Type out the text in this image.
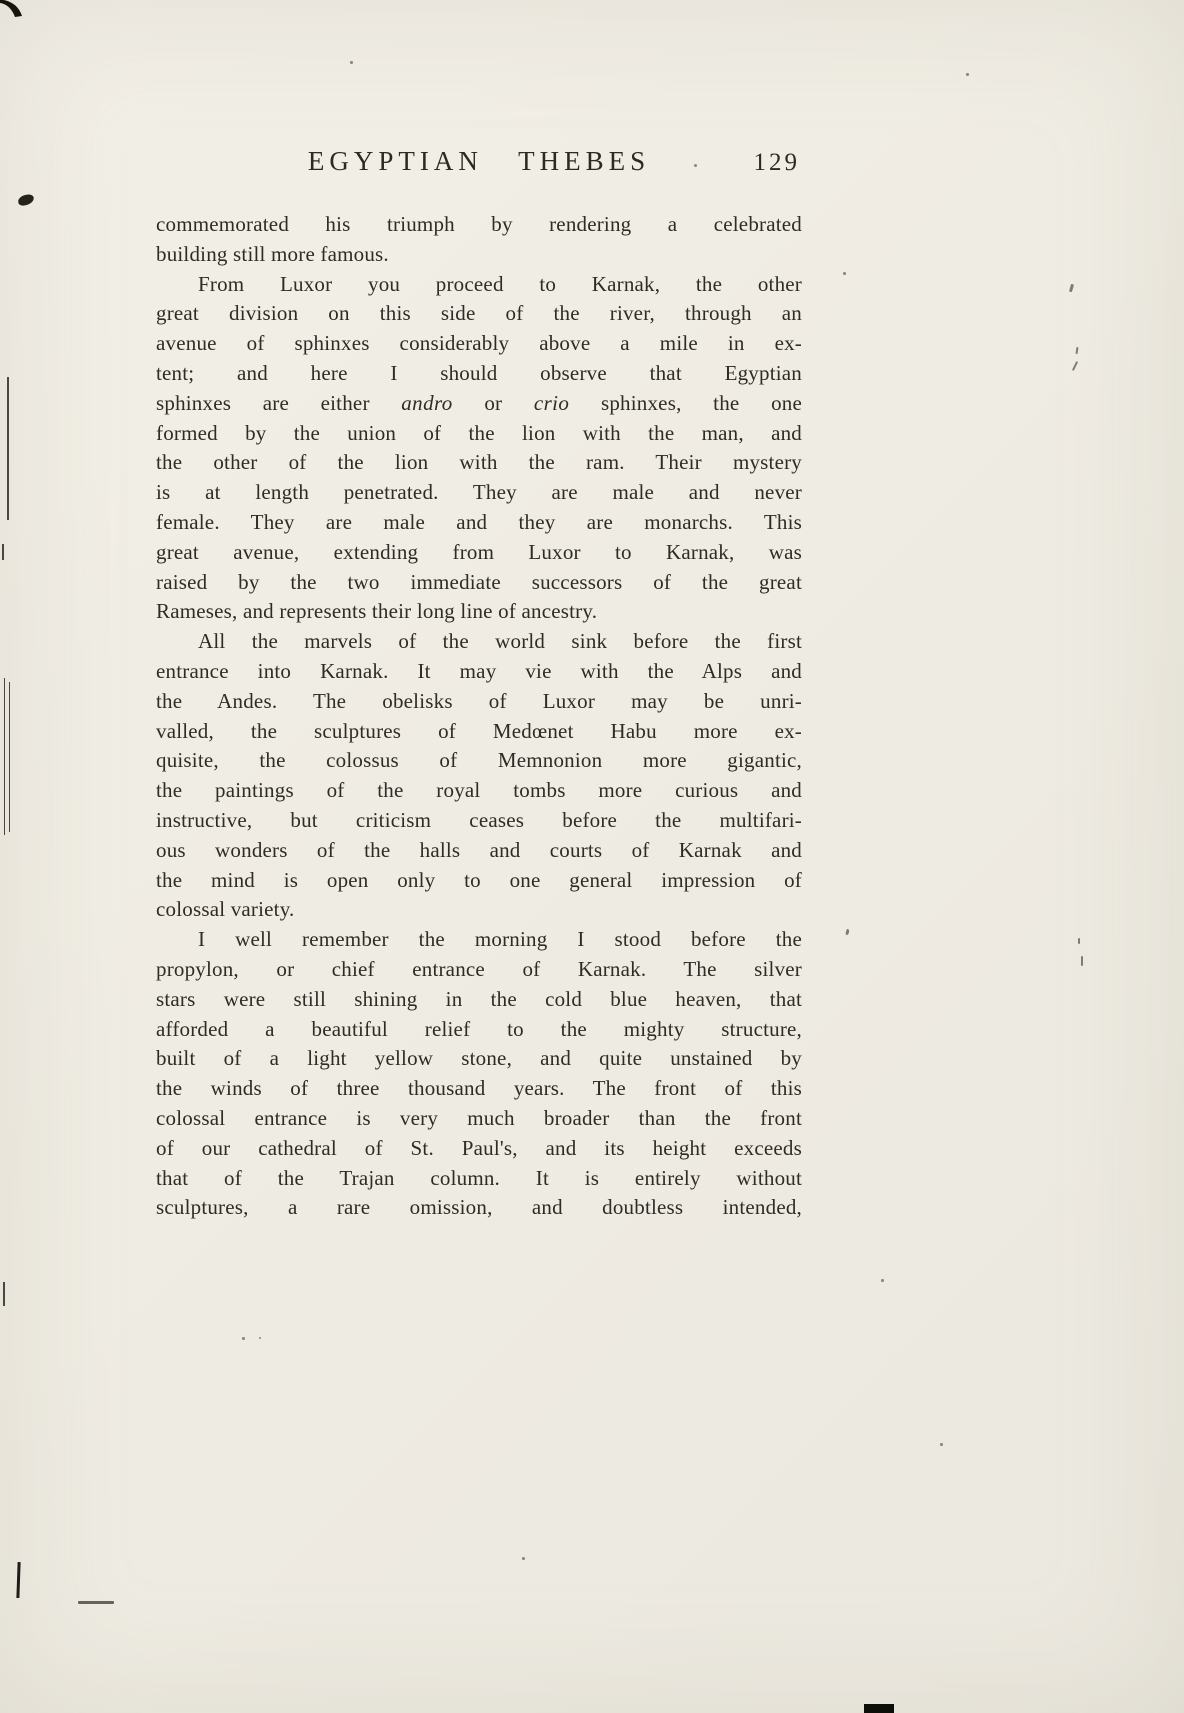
EGYPTIAN THEBES	129
commemorated his triumph by rendering a celebrated
building still more famous.
From Luxor you proceed to Karnak, the other
great division on this side of the river, through an
avenue of sphinxes considerably above a mile in ex-
tent; and here I should observe that Egyptian
sphinxes are either andro or crio sphinxes, the one
formed by the union of the lion with the man, and
the other of the lion with the ram. Their mystery
is at length penetrated. They are male and never
female. They are male and they are monarchs. This
great avenue, extending from Luxor to Karnak, was
raised by the two immediate successors of the great
Rameses, and represents their long line of ancestry.
All the marvels of the world sink before the first
entrance into Karnak. It may vie with the Alps and
the Andes. The obelisks of Luxor may be unri-
valled, the sculptures of Medœnet Habu more ex-
quisite, the colossus of Memnonion more gigantic,
the paintings of the royal tombs more curious and
instructive, but criticism ceases before the multifari-
ous wonders of the halls and courts of Karnak and
the mind is open only to one general impression of
colossal variety.
I well remember the morning I stood before the
propylon, or chief entrance of Karnak. The silver
stars were still shining in the cold blue heaven, that
afforded a beautiful relief to the mighty structure,
built of a light yellow stone, and quite unstained by
the winds of three thousand years. The front of this
colossal entrance is very much broader than the front
of our cathedral of St. Paul's, and its height exceeds
that of the Trajan column. It is entirely without
sculptures, a rare omission, and doubtless intended,
